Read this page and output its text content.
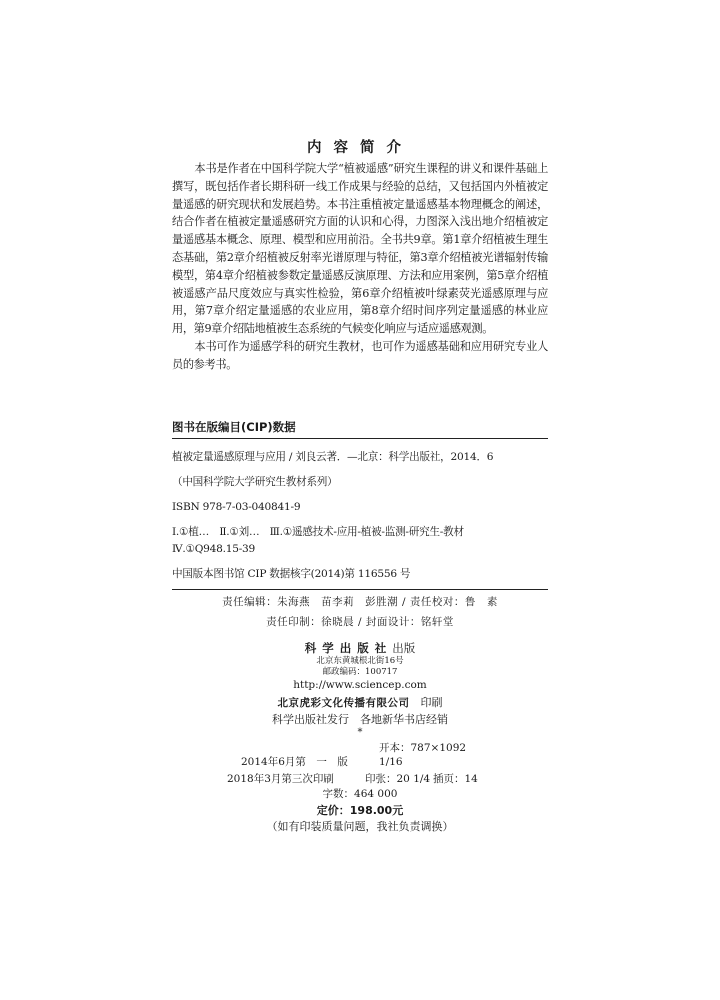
内容简介

本书是作者在中国科学院大学“植被遥感”研究生课程的讲义和课件基础上撰写，既包括作者长期科研一线工作成果与经验的总结，又包括国内外植被定量遥感的研究现状和发展趋势。本书注重植被定量遥感基本物理概念的阐述，结合作者在植被定量遥感研究方面的认识和心得，力图深入浅出地介绍植被定量遥感基本概念、原理、模型和应用前沿。全书共9章。第1章介绍植被生理生态基础，第2章介绍植被反射率光谱原理与特征，第3章介绍植被光谱辐射传输模型，第4章介绍植被参数定量遥感反演原理、方法和应用案例，第5章介绍植被遥感产品尺度效应与真实性检验，第6章介绍植被叶绿素荧光遥感原理与应用，第7章介绍定量遥感的农业应用，第8章介绍时间序列定量遥感的林业应用，第9章介绍陆地植被生态系统的气候变化响应与适应遥感观测。

本书可作为遥感学科的研究生教材，也可作为遥感基础和应用研究专业人员的参考书。

图书在版编目(CIP)数据
植被定量遥感原理与应用 / 刘良云著．—北京：科学出版社，2014．6
（中国科学院大学研究生教材系列）
ISBN 978-7-03-040841-9
Ⅰ.①植…　Ⅱ.①刘…　Ⅲ.①遥感技术-应用-植被-监测-研究生-教材
Ⅳ.①Q948.15-39
中国版本图书馆 CIP 数据核字(2014)第 116556 号
责任编辑：朱海燕　苗李莉　彭胜潮 / 责任校对：鲁　素
责任印制：徐晓晨 / 封面设计：铭轩堂
科学出版社出版
北京东黄城根北街16号
邮政编码：100717
http://www.sciencep.com
北京虎彩文化传播有限公司　 印刷
科学出版社发行　各地新华书店经销
*
2014年6月第　一　版开本：787×1092　1/16
2018年3月第三次印刷	印张：20 1/4 插页：14
字数：464 000
定价：198.00元
（如有印装质量问题，我社负责调换）
